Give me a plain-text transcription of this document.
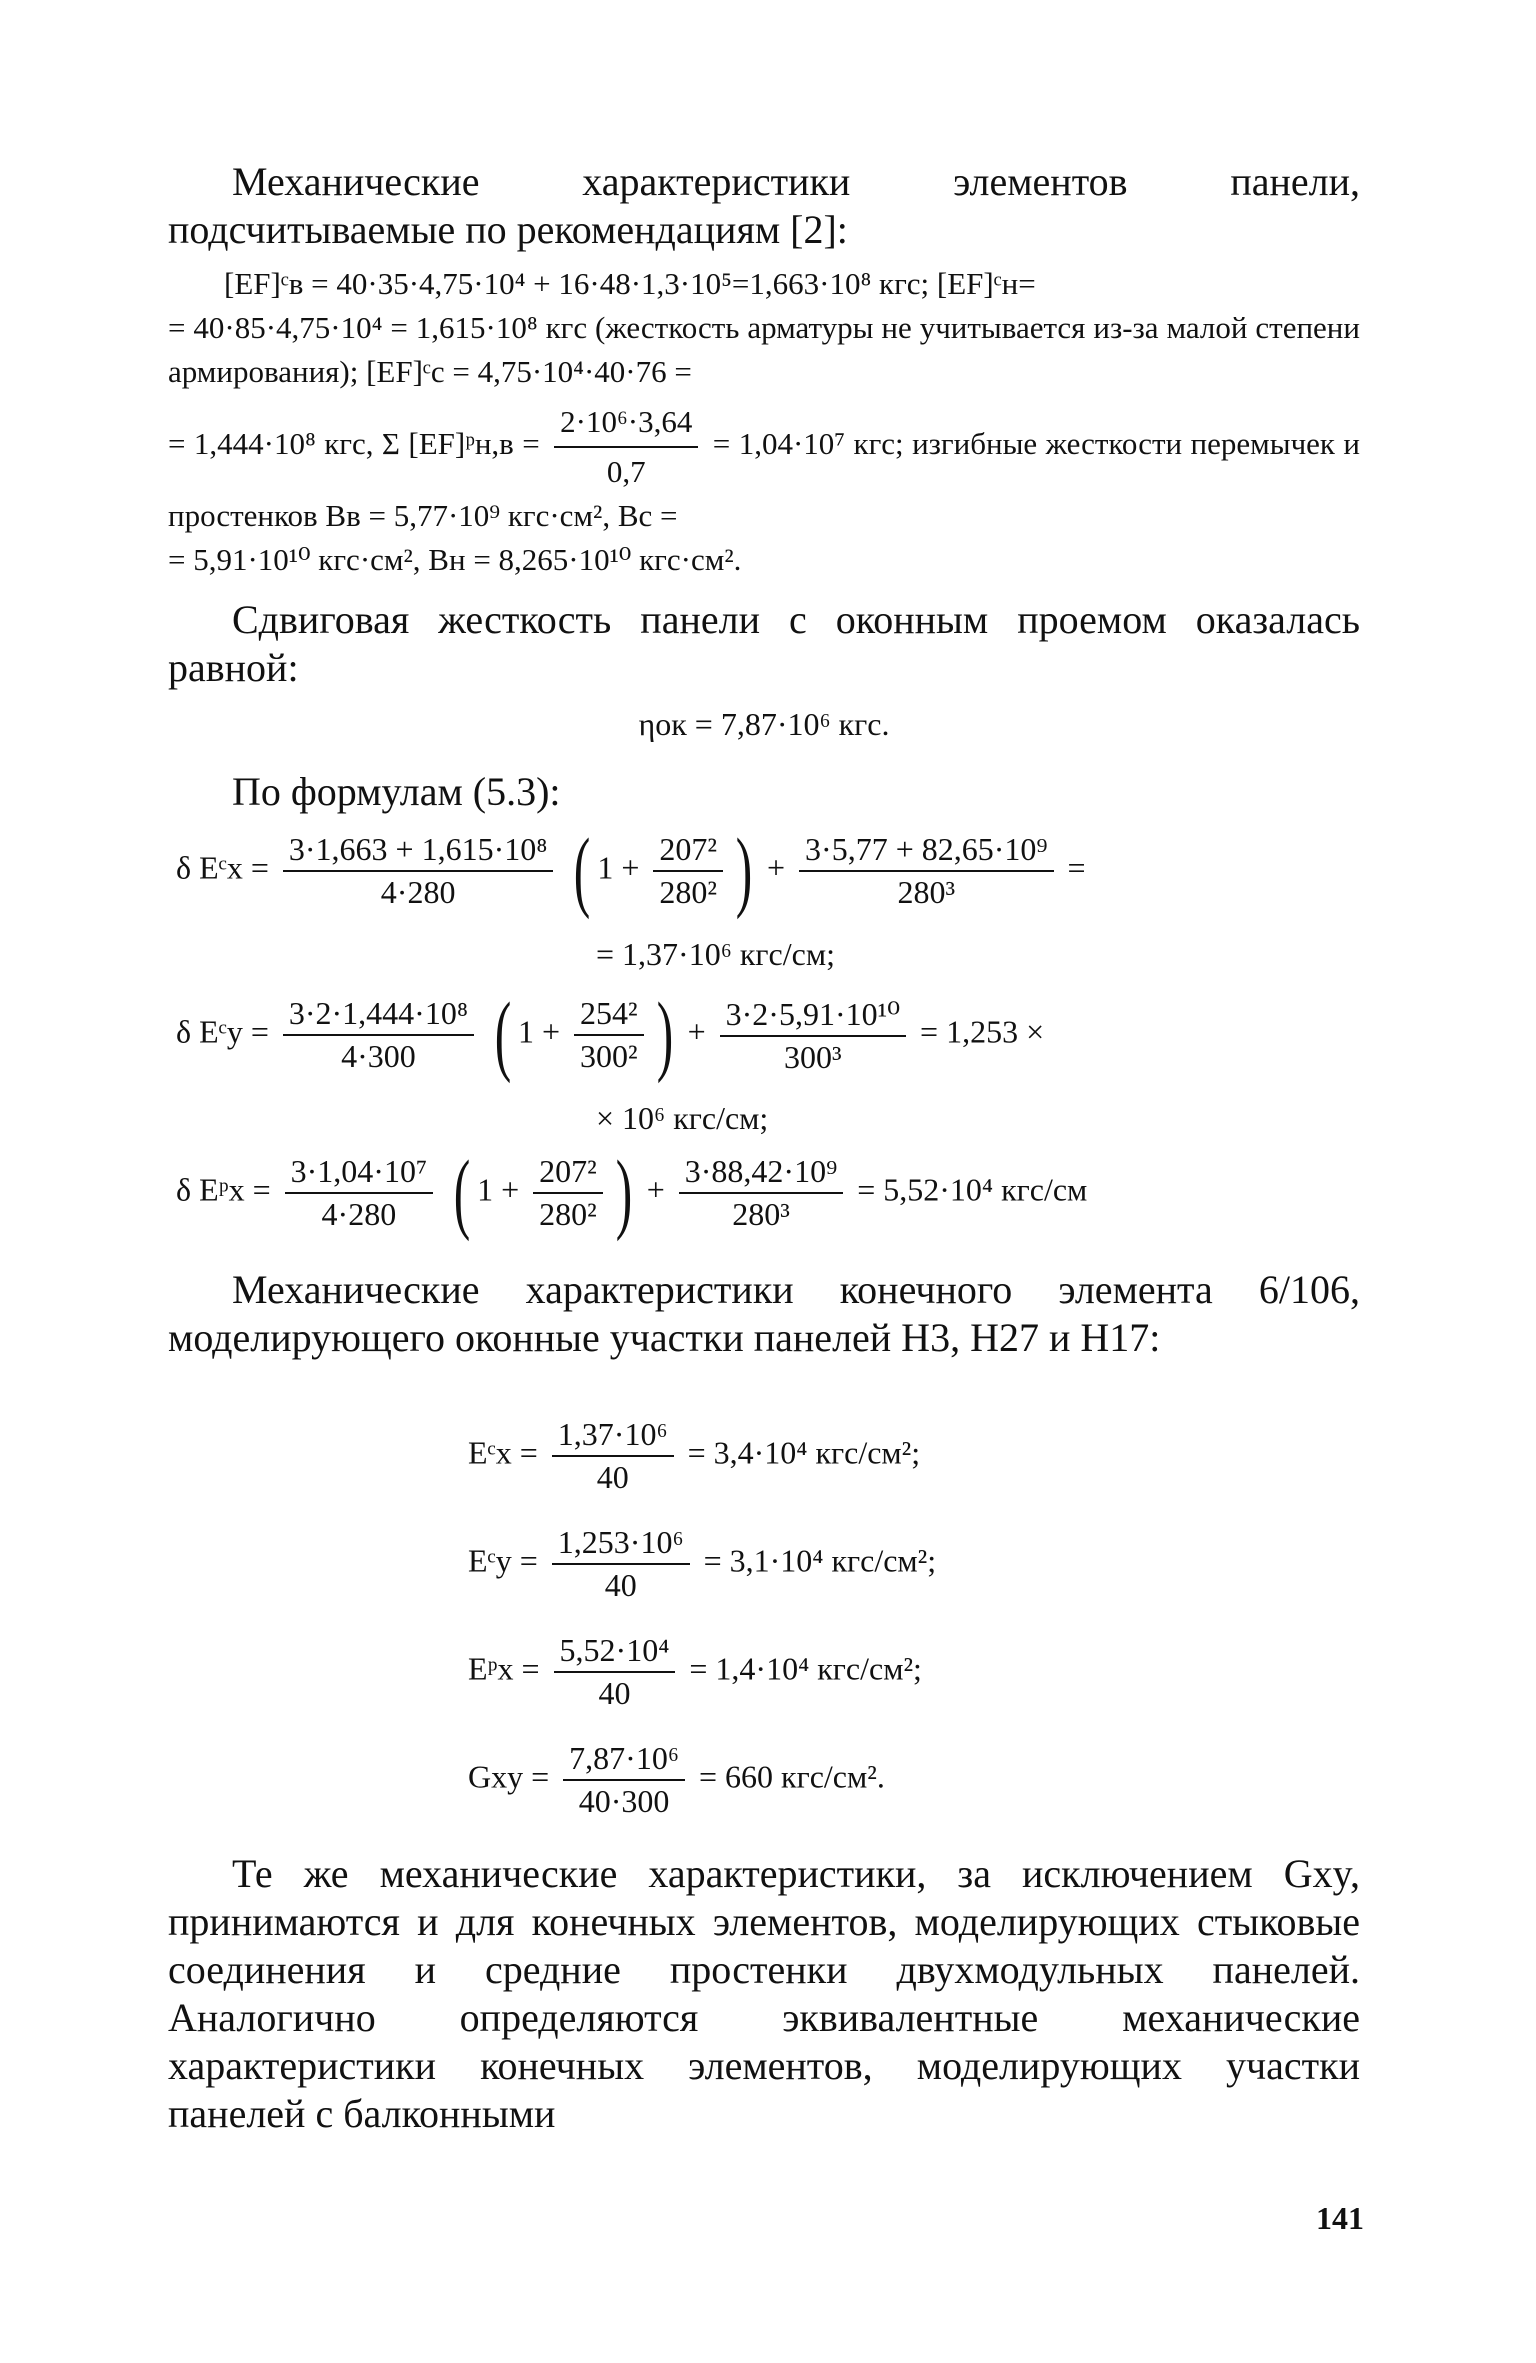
Механические характеристики элементов панели, подсчитываемые по рекомендациям [2]:
[EF]ᶜв = 40·35·4,75·10⁴ + 16·48·1,3·10⁵=1,663·10⁸ кгс; [EF]ᶜн=
= 40·85·4,75·10⁴ = 1,615·10⁸ кгс (жесткость арматуры не учитывается из-за малой степени армирования); [EF]ᶜс = 4,75·10⁴·40·76 =
= 1,444·10⁸ кгс, Σ [EF]ᵖн,в = $\frac{\text{2·10⁶·3,64}}{0,7} = 1,04\cdot 10^7$ кгс; изгибные жесткости перемычек и простенков Bв = 5,77·10⁹ кгс·см², Bс =
= 5,91·10¹⁰ кгс·см², Bн = 8,265·10¹⁰ кгс·см².
Сдвиговая жесткость панели с оконным проемом оказалась равной:
ηок = 7,87·10⁶ кгс.
По формулам (5.3):
δ Eᶜx = $\frac{\text{3·1,663 + 1,615·10⁸}}{4\cdot 280}$ ( $1 + \frac{\text{207²}}{\text{280²}}$ ) + $\frac{\text{3·5,77 + 82,65·10⁹}}{\text{280³}}$ =
= 1,37·10⁶ кгс/см;
δ Eᶜy = $\frac{\text{3·2·1,444·10⁸}}{4\cdot 300}$ ( $1 + \frac{\text{254²}}{\text{300²}}$ ) + $\frac{\text{3·2·5,91·10¹⁰}}{\text{300³}} = 1,253$ ×
× 10⁶ кгс/см;
δ Eᵖx = $\frac{\text{3·1,04·10⁷}}{4\cdot 280}$ ( $1 + \frac{\text{207²}}{\text{280²}}$ ) + $\frac{\text{3·88,42·10⁹}}{\text{280³}} = 5,52\cdot 10^4$ кгс/см
Механические характеристики конечного элемента 6/106, моделирующего оконные участки панелей H3, H27 и H17:
Eᶜx = $\frac{\text{1,37·10⁶}}{40} = 3,4\cdot 10^4$ кгс/см²;
Eᶜy = $\frac{\text{1,253·10⁶}}{40} = 3,1\cdot 10^4$ кгс/см²;
Eᵖx = $\frac{\text{5,52·10⁴}}{40} = 1,4\cdot 10^4$ кгс/см²;
Gxy = $\frac{\text{7,87·10⁶}}{40\cdot 300} = 660$ кгс/см².
Те же механические характеристики, за исключением Gxy, принимаются и для конечных элементов, моделирующих стыковые соединения и средние простенки двухмодульных панелей. Аналогично определяются эквивалентные механические характеристики конечных элементов, моделирующих участки панелей с балконными
141
